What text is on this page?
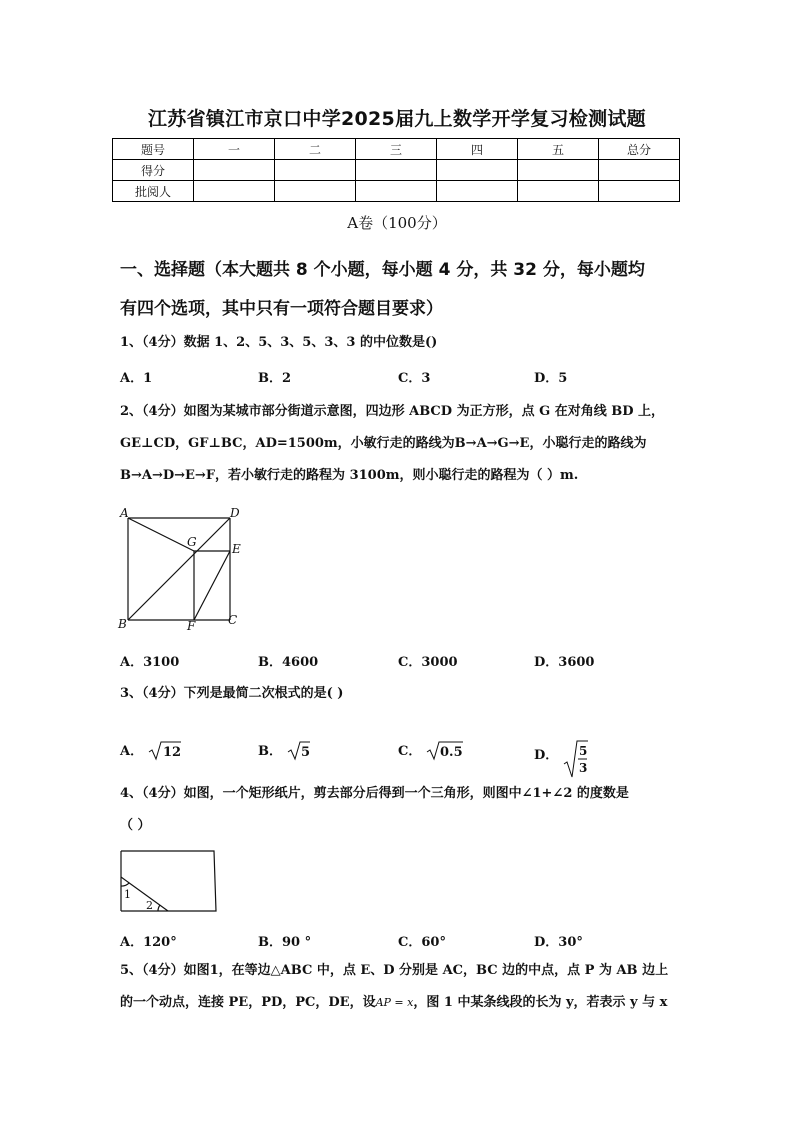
江苏省镇江市京口中学2025届九上数学开学复习检测试题
题号	一	二	三	四	五	总分
得分						
批阅人						
A卷（100分）
一、选择题（本大题共 8 个小题，每小题 4 分，共 32 分，每小题均
有四个选项，其中只有一项符合题目要求）
1、（4分）数据 1、2、5、3、5、3、3 的中位数是()
A．1	B．2	C．3	D．5
2、（4分）如图为某城市部分街道示意图，四边形 ABCD 为正方形，点 G 在对角线 BD 上，
GE⊥CD，GF⊥BC，AD=1500m，小敏行走的路线为B→A→G→E，小聪行走的路线为
B→A→D→E→F，若小敏行走的路程为 3100m，则小聪行走的路程为（ ）m.
A	D
G	E
B	F	C
A．3100	B．4600	C．3000	D．3600
3、（4分）下列是最简二次根式的是( )
A． 12	B． 5	C． 0.5	D． 5
3
4、（4分）如图，一个矩形纸片，剪去部分后得到一个三角形，则图中∠1+∠2 的度数是
（ ）
1
2
A．120°	B．90 °	C．60°	D．30°
5、（4分）如图1，在等边△ABC 中，点 E、D 分别是 AC，BC 边的中点，点 P 为 AB 边上
的一个动点，连接 PE，PD，PC，DE，设AP = x，图 1 中某条线段的长为 y，若表示 y 与 x
